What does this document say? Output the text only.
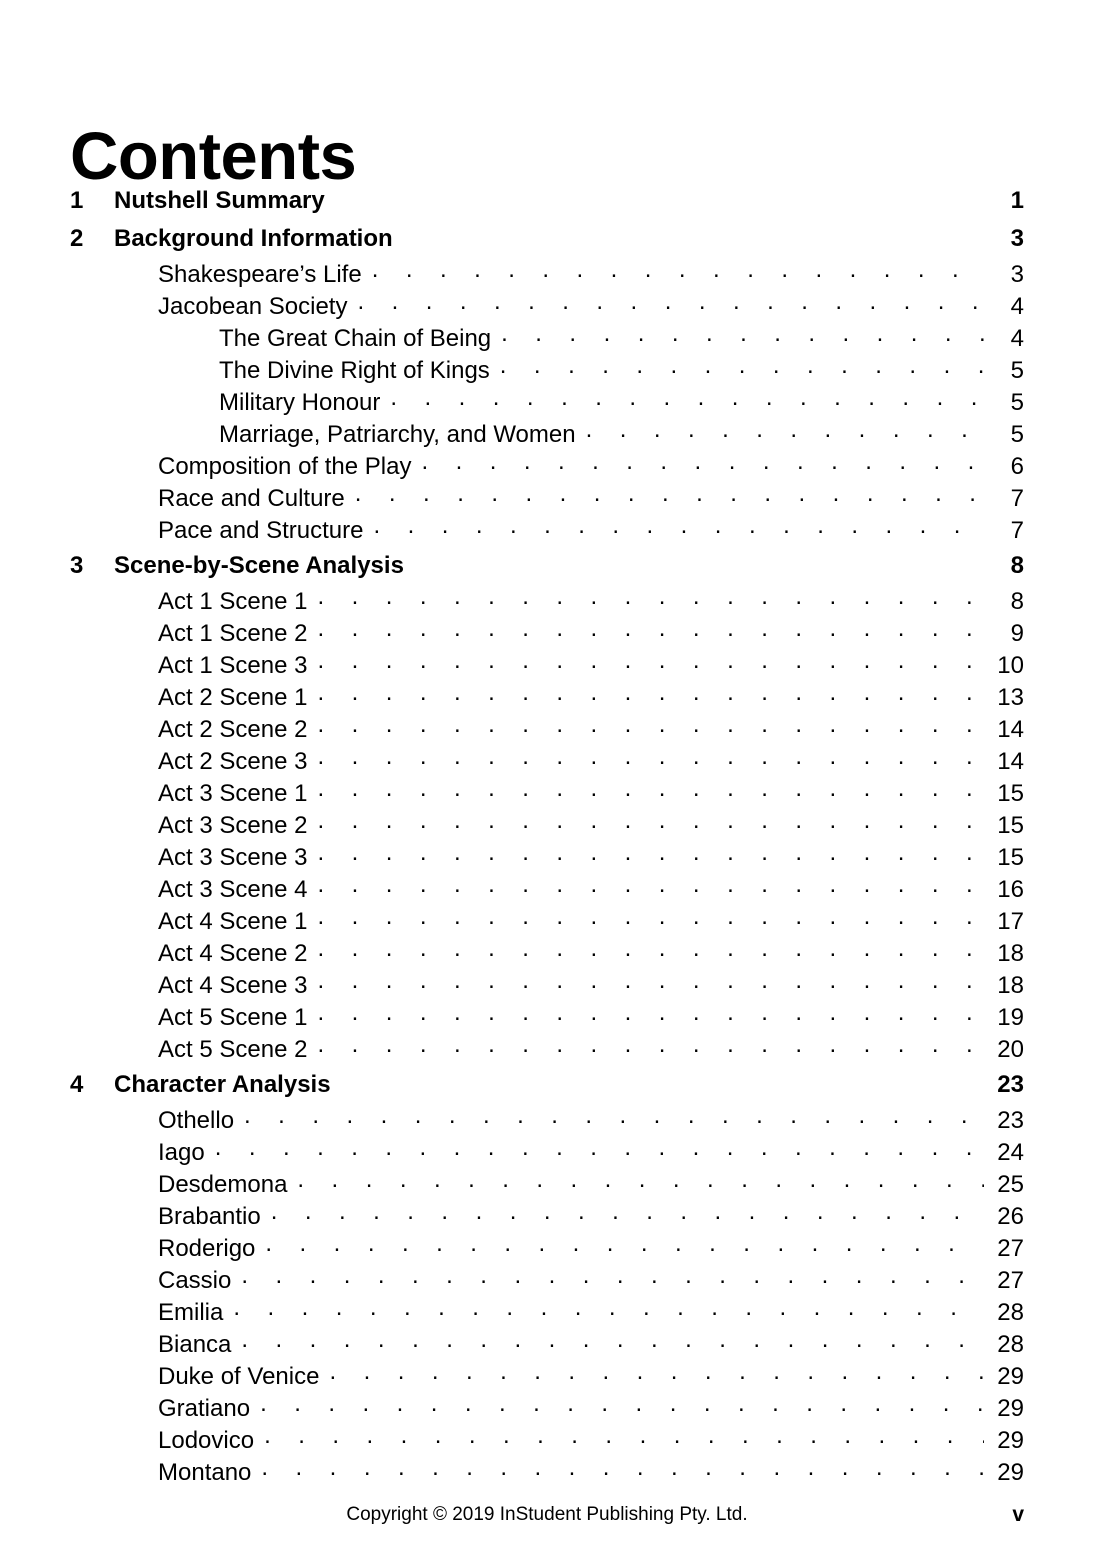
Contents
1	Nutshell Summary	1
2	Background Information	3
Shakespeare’s Life . . .	3
Jacobean Society . . .	4
The Great Chain of Being . . .	4
The Divine Right of Kings . . .	5
Military Honour . . .	5
Marriage, Patriarchy, and Women . . .	5
Composition of the Play . . .	6
Race and Culture . . .	7
Pace and Structure . . .	7
3	Scene-by-Scene Analysis	8
Act 1 Scene 1 . . .	8
Act 1 Scene 2 . . .	9
Act 1 Scene 3 . . .	10
Act 2 Scene 1 . . .	13
Act 2 Scene 2 . . .	14
Act 2 Scene 3 . . .	14
Act 3 Scene 1 . . .	15
Act 3 Scene 2 . . .	15
Act 3 Scene 3 . . .	15
Act 3 Scene 4 . . .	16
Act 4 Scene 1 . . .	17
Act 4 Scene 2 . . .	18
Act 4 Scene 3 . . .	18
Act 5 Scene 1 . . .	19
Act 5 Scene 2 . . .	20
4	Character Analysis	23
Othello . . .	23
Iago . . .	24
Desdemona . . .	25
Brabantio . . .	26
Roderigo . . .	27
Cassio . . .	27
Emilia . . .	28
Bianca . . .	28
Duke of Venice . . .	29
Gratiano . . .	29
Lodovico . . .	29
Montano . . .	29
Copyright © 2019 InStudent Publishing Pty. Ltd.	v
